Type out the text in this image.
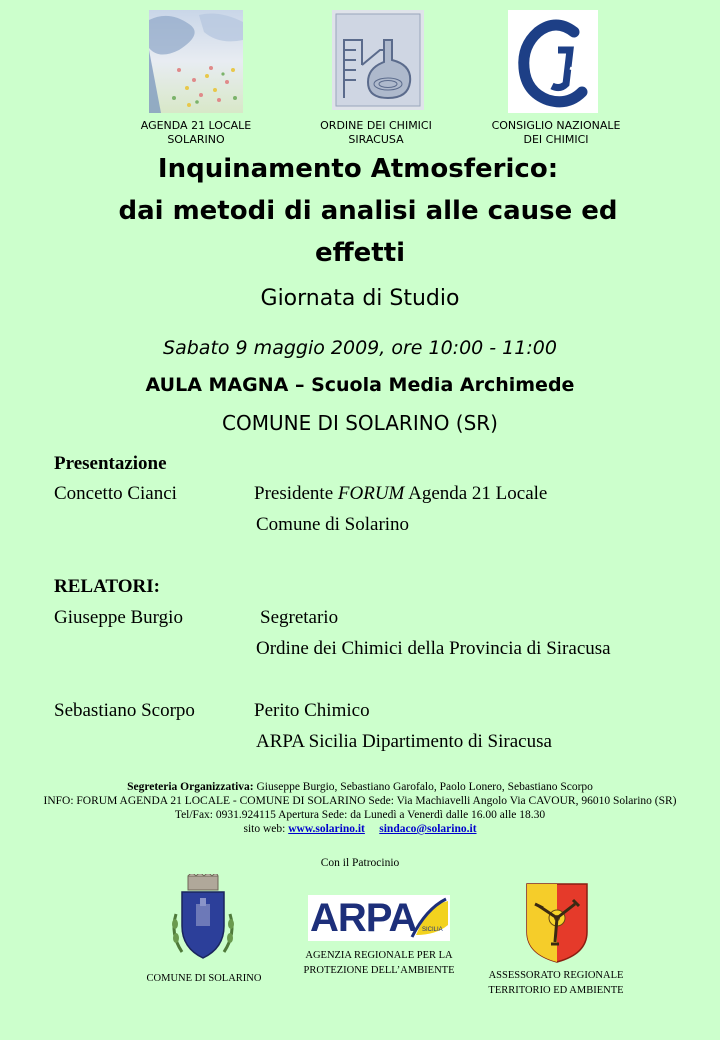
AGENDA 21 LOCALE
SOLARINO
ORDINE DEI CHIMICI
SIRACUSA
CONSIGLIO NAZIONALE
DEI CHIMICI
Inquinamento Atmosferico:
dai metodi di analisi alle cause ed
effetti
Giornata di Studio
Sabato 9 maggio 2009, ore 10:00 - 11:00
AULA MAGNA – Scuola Media Archimede
COMUNE DI SOLARINO (SR)
Presentazione
Concetto Cianci	Presidente FORUM Agenda 21 Locale
Comune di Solarino
RELATORI:
Giuseppe Burgio	Segretario
Ordine dei Chimici della Provincia di Siracusa
Sebastiano Scorpo	Perito Chimico
ARPA Sicilia Dipartimento di Siracusa
Segreteria Organizzativa: Giuseppe Burgio, Sebastiano Garofalo, Paolo Lonero, Sebastiano Scorpo
INFO: FORUM AGENDA 21 LOCALE - COMUNE DI SOLARINO Sede: Via Machiavelli Angolo Via CAVOUR, 96010 Solarino (SR)
Tel/Fax: 0931.924115 Apertura Sede: da Lunedì a Venerdì dalle 16.00 alle 18.30
sito web: www.solarino.it sindaco@solarino.it
Con il Patrocinio
COMUNE DI SOLARINO
ARPA SICILIA
AGENZIA REGIONALE PER LA
PROTEZIONE DELL’AMBIENTE	ASSESSORATO REGIONALE
TERRITORIO ED AMBIENTE
